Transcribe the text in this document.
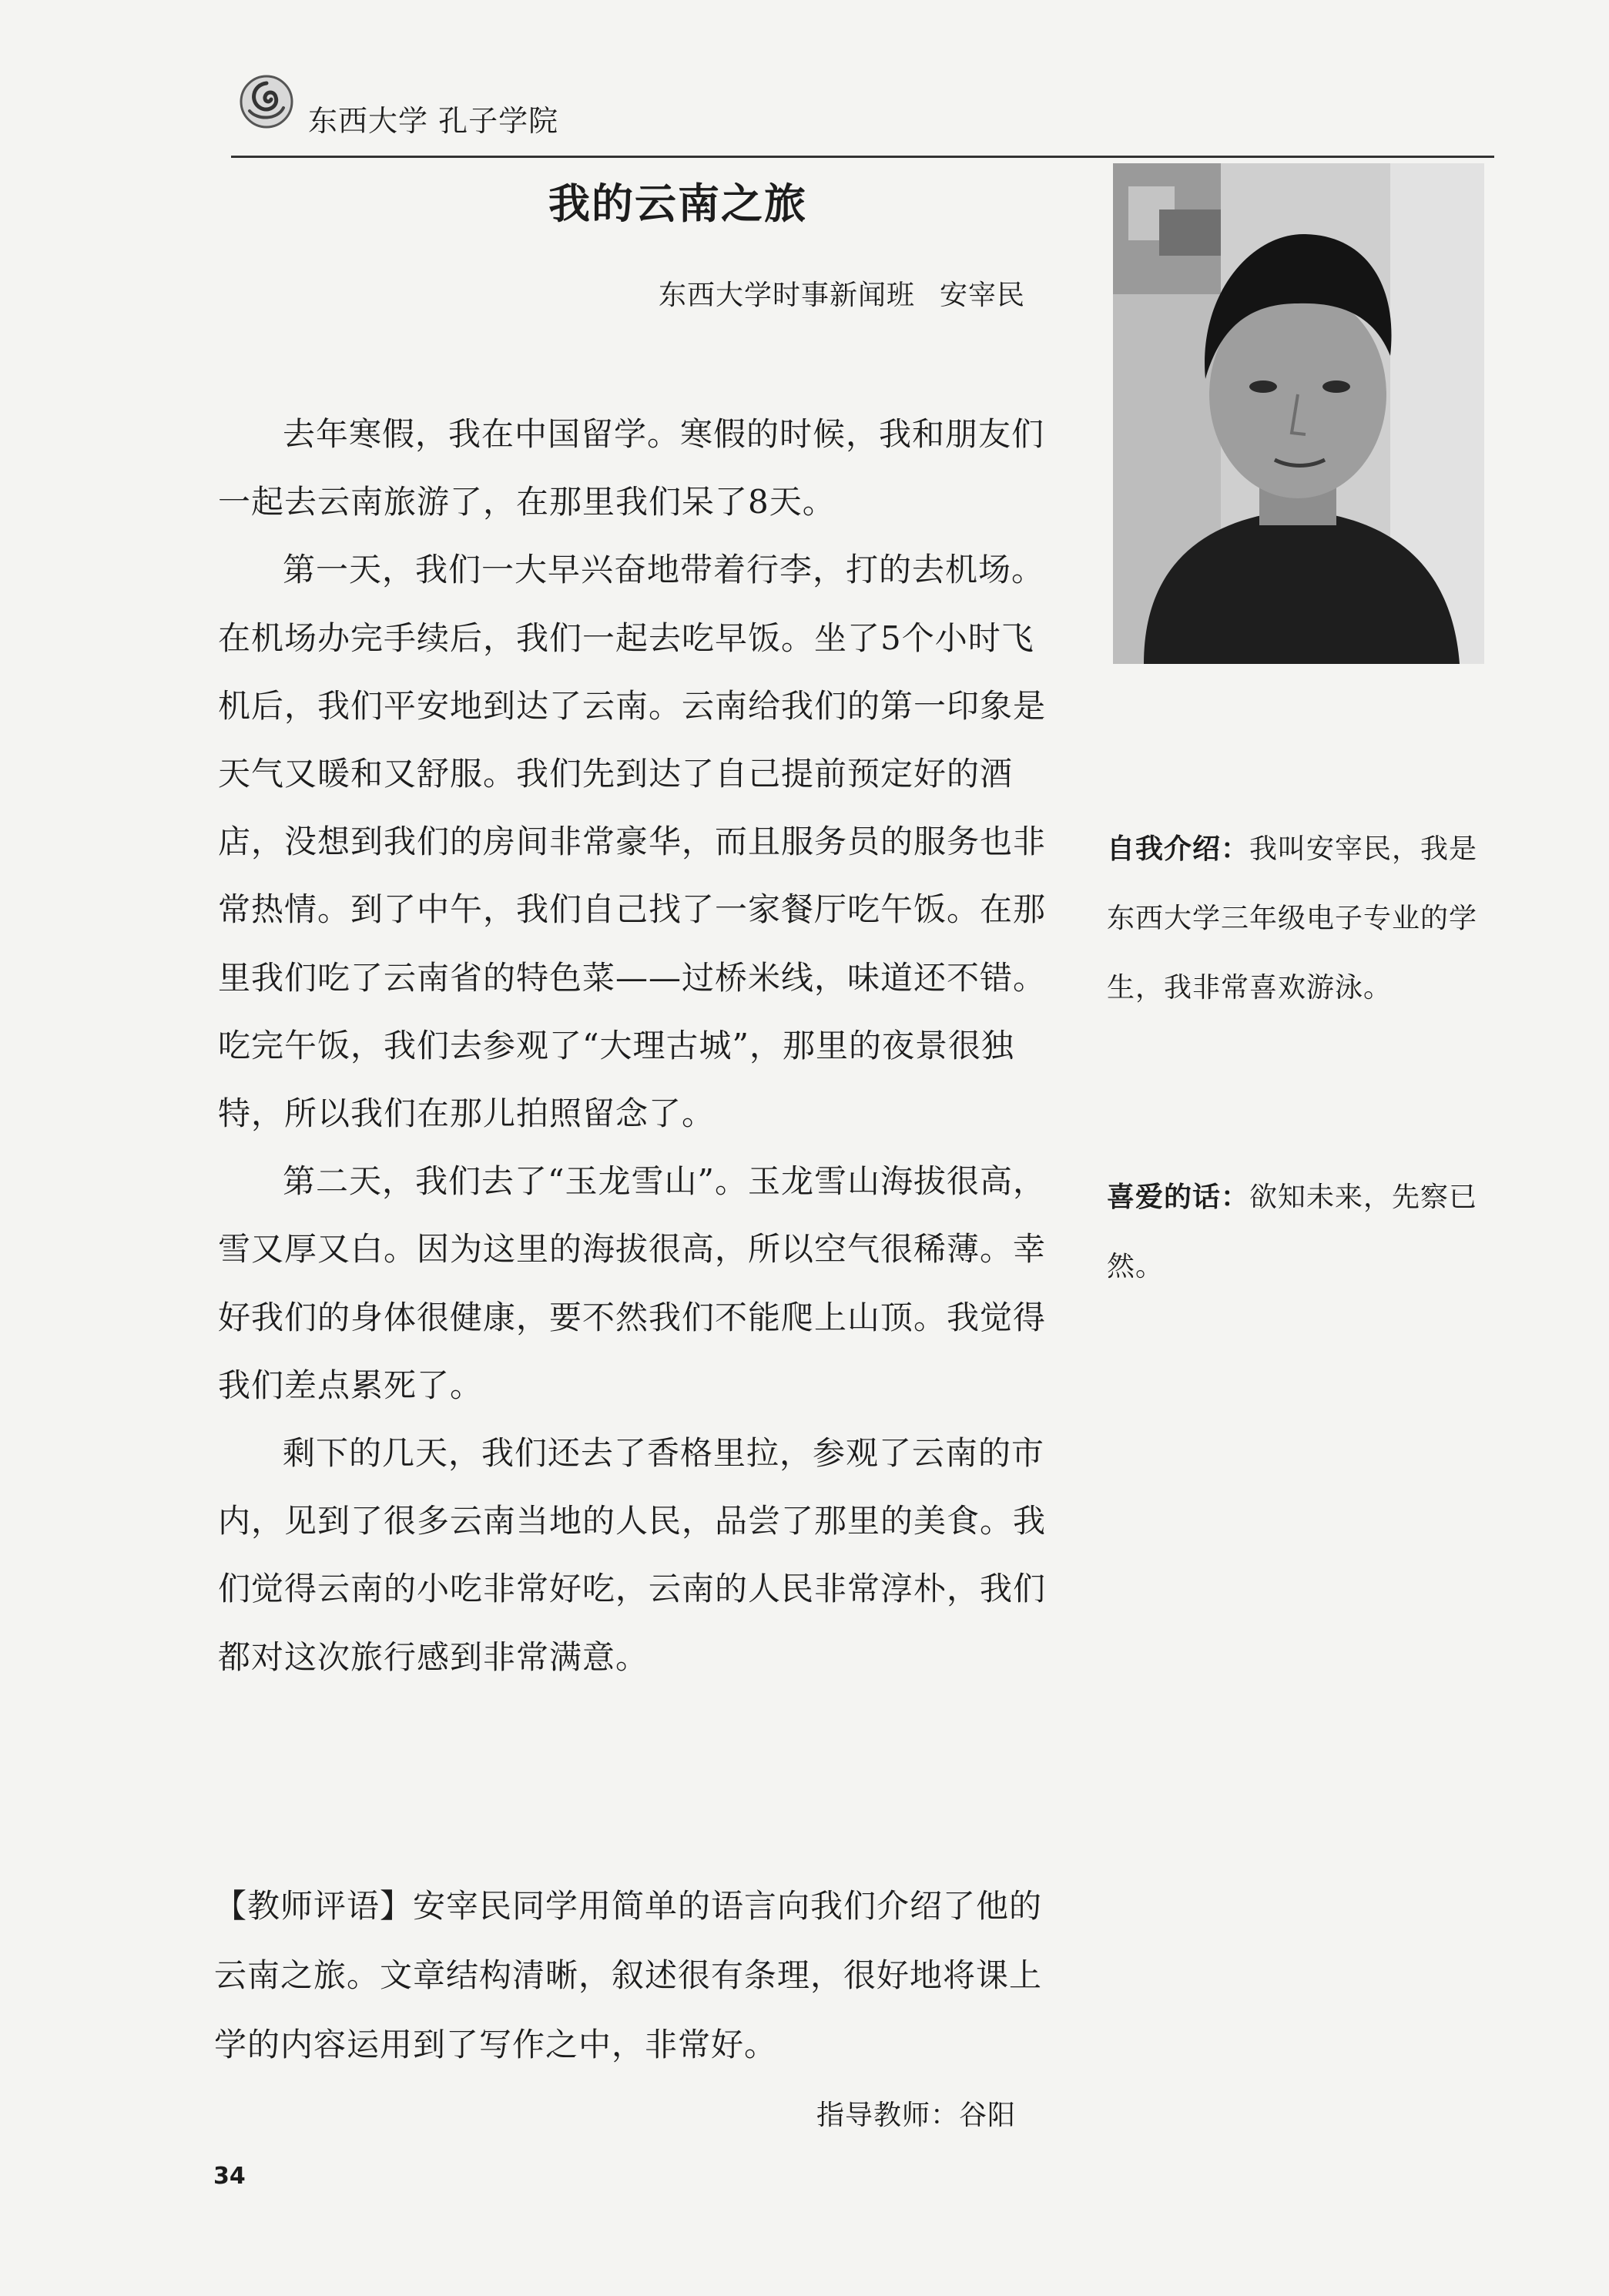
东西大学 孔子学院
我的云南之旅
东西大学时事新闻班 安宰民

去年寒假，我在中国留学。寒假的时候，我和朋友们一起去云南旅游了，在那里我们呆了8天。

第一天，我们一大早兴奋地带着行李，打的去机场。在机场办完手续后，我们一起去吃早饭。坐了5个小时飞机后，我们平安地到达了云南。云南给我们的第一印象是天气又暖和又舒服。我们先到达了自己提前预定好的酒店，没想到我们的房间非常豪华，而且服务员的服务也非常热情。到了中午，我们自己找了一家餐厅吃午饭。在那里我们吃了云南省的特色菜——过桥米线，味道还不错。吃完午饭，我们去参观了“大理古城”，那里的夜景很独特，所以我们在那儿拍照留念了。

第二天，我们去了“玉龙雪山”。玉龙雪山海拔很高，雪又厚又白。因为这里的海拔很高，所以空气很稀薄。幸好我们的身体很健康，要不然我们不能爬上山顶。我觉得我们差点累死了。

剩下的几天，我们还去了香格里拉，参观了云南的市内，见到了很多云南当地的人民，品尝了那里的美食。我们觉得云南的小吃非常好吃，云南的人民非常淳朴，我们都对这次旅行感到非常满意。

自我介绍：我叫安宰民，我是东西大学三年级电子专业的学生，我非常喜欢游泳。
喜爱的话：欲知未来，先察已然。
【教师评语】安宰民同学用简单的语言向我们介绍了他的云南之旅。文章结构清晰，叙述很有条理，很好地将课上学的内容运用到了写作之中，非常好。
指导教师：谷阳
34
